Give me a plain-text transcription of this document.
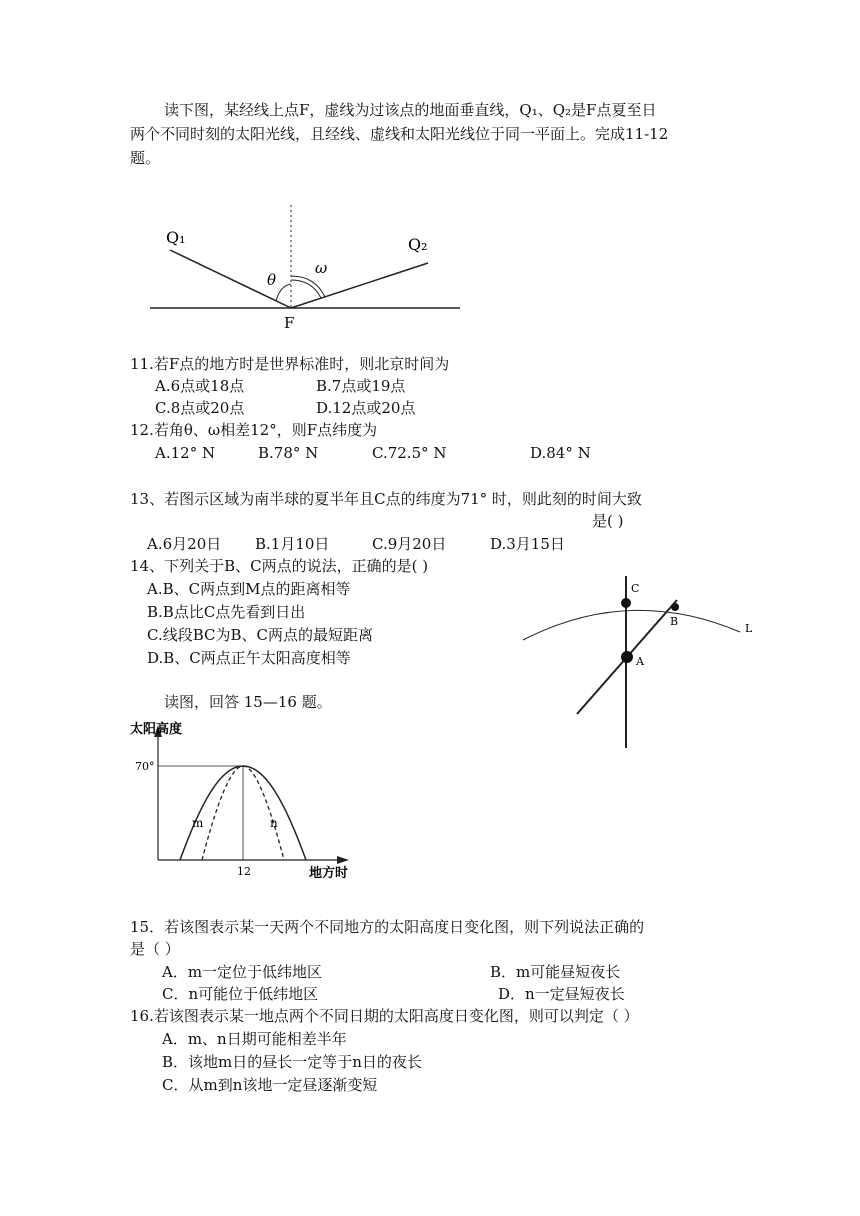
读下图，某经线上点F，虚线为过该点的地面垂直线，Q₁、Q₂是F点夏至日
两个不同时刻的太阳光线，且经线、虚线和太阳光线位于同一平面上。完成11-12
题。
Q₁	Q₂
θ
ω
F
11.若F点的地方时是世界标准时，则北京时间为
A.6点或18点	B.7点或19点
C.8点或20点	D.12点或20点
12.若角θ、ω相差12°，则F点纬度为
A.12° N	B.78° N	C.72.5° N	D.84° N
13、若图示区域为南半球的夏半年且C点的纬度为71° 时，则此刻的时间大致
是( )
A.6月20日 B.1月10日	C.9月20日	D.3月15日
14、下列关于B、C两点的说法，正确的是( )
A.B、C两点到M点的距离相等
B.B点比C点先看到日出
C.线段BC为B、C两点的最短距离
D.B、C两点正午太阳高度相等
C
B
A
L
读图，回答 15—16 题。
太阳高度
70°
m	n
12	地方时
15．若该图表示某一天两个不同地方的太阳高度日变化图，则下列说法正确的
是（ ）
A．m一定位于低纬地区	B．m可能昼短夜长
C．n可能位于低纬地区	D．n一定昼短夜长
16.若该图表示某一地点两个不同日期的太阳高度日变化图，则可以判定（ ）
A．m、n日期可能相差半年
B．该地m日的昼长一定等于n日的夜长
C．从m到n该地一定昼逐渐变短
